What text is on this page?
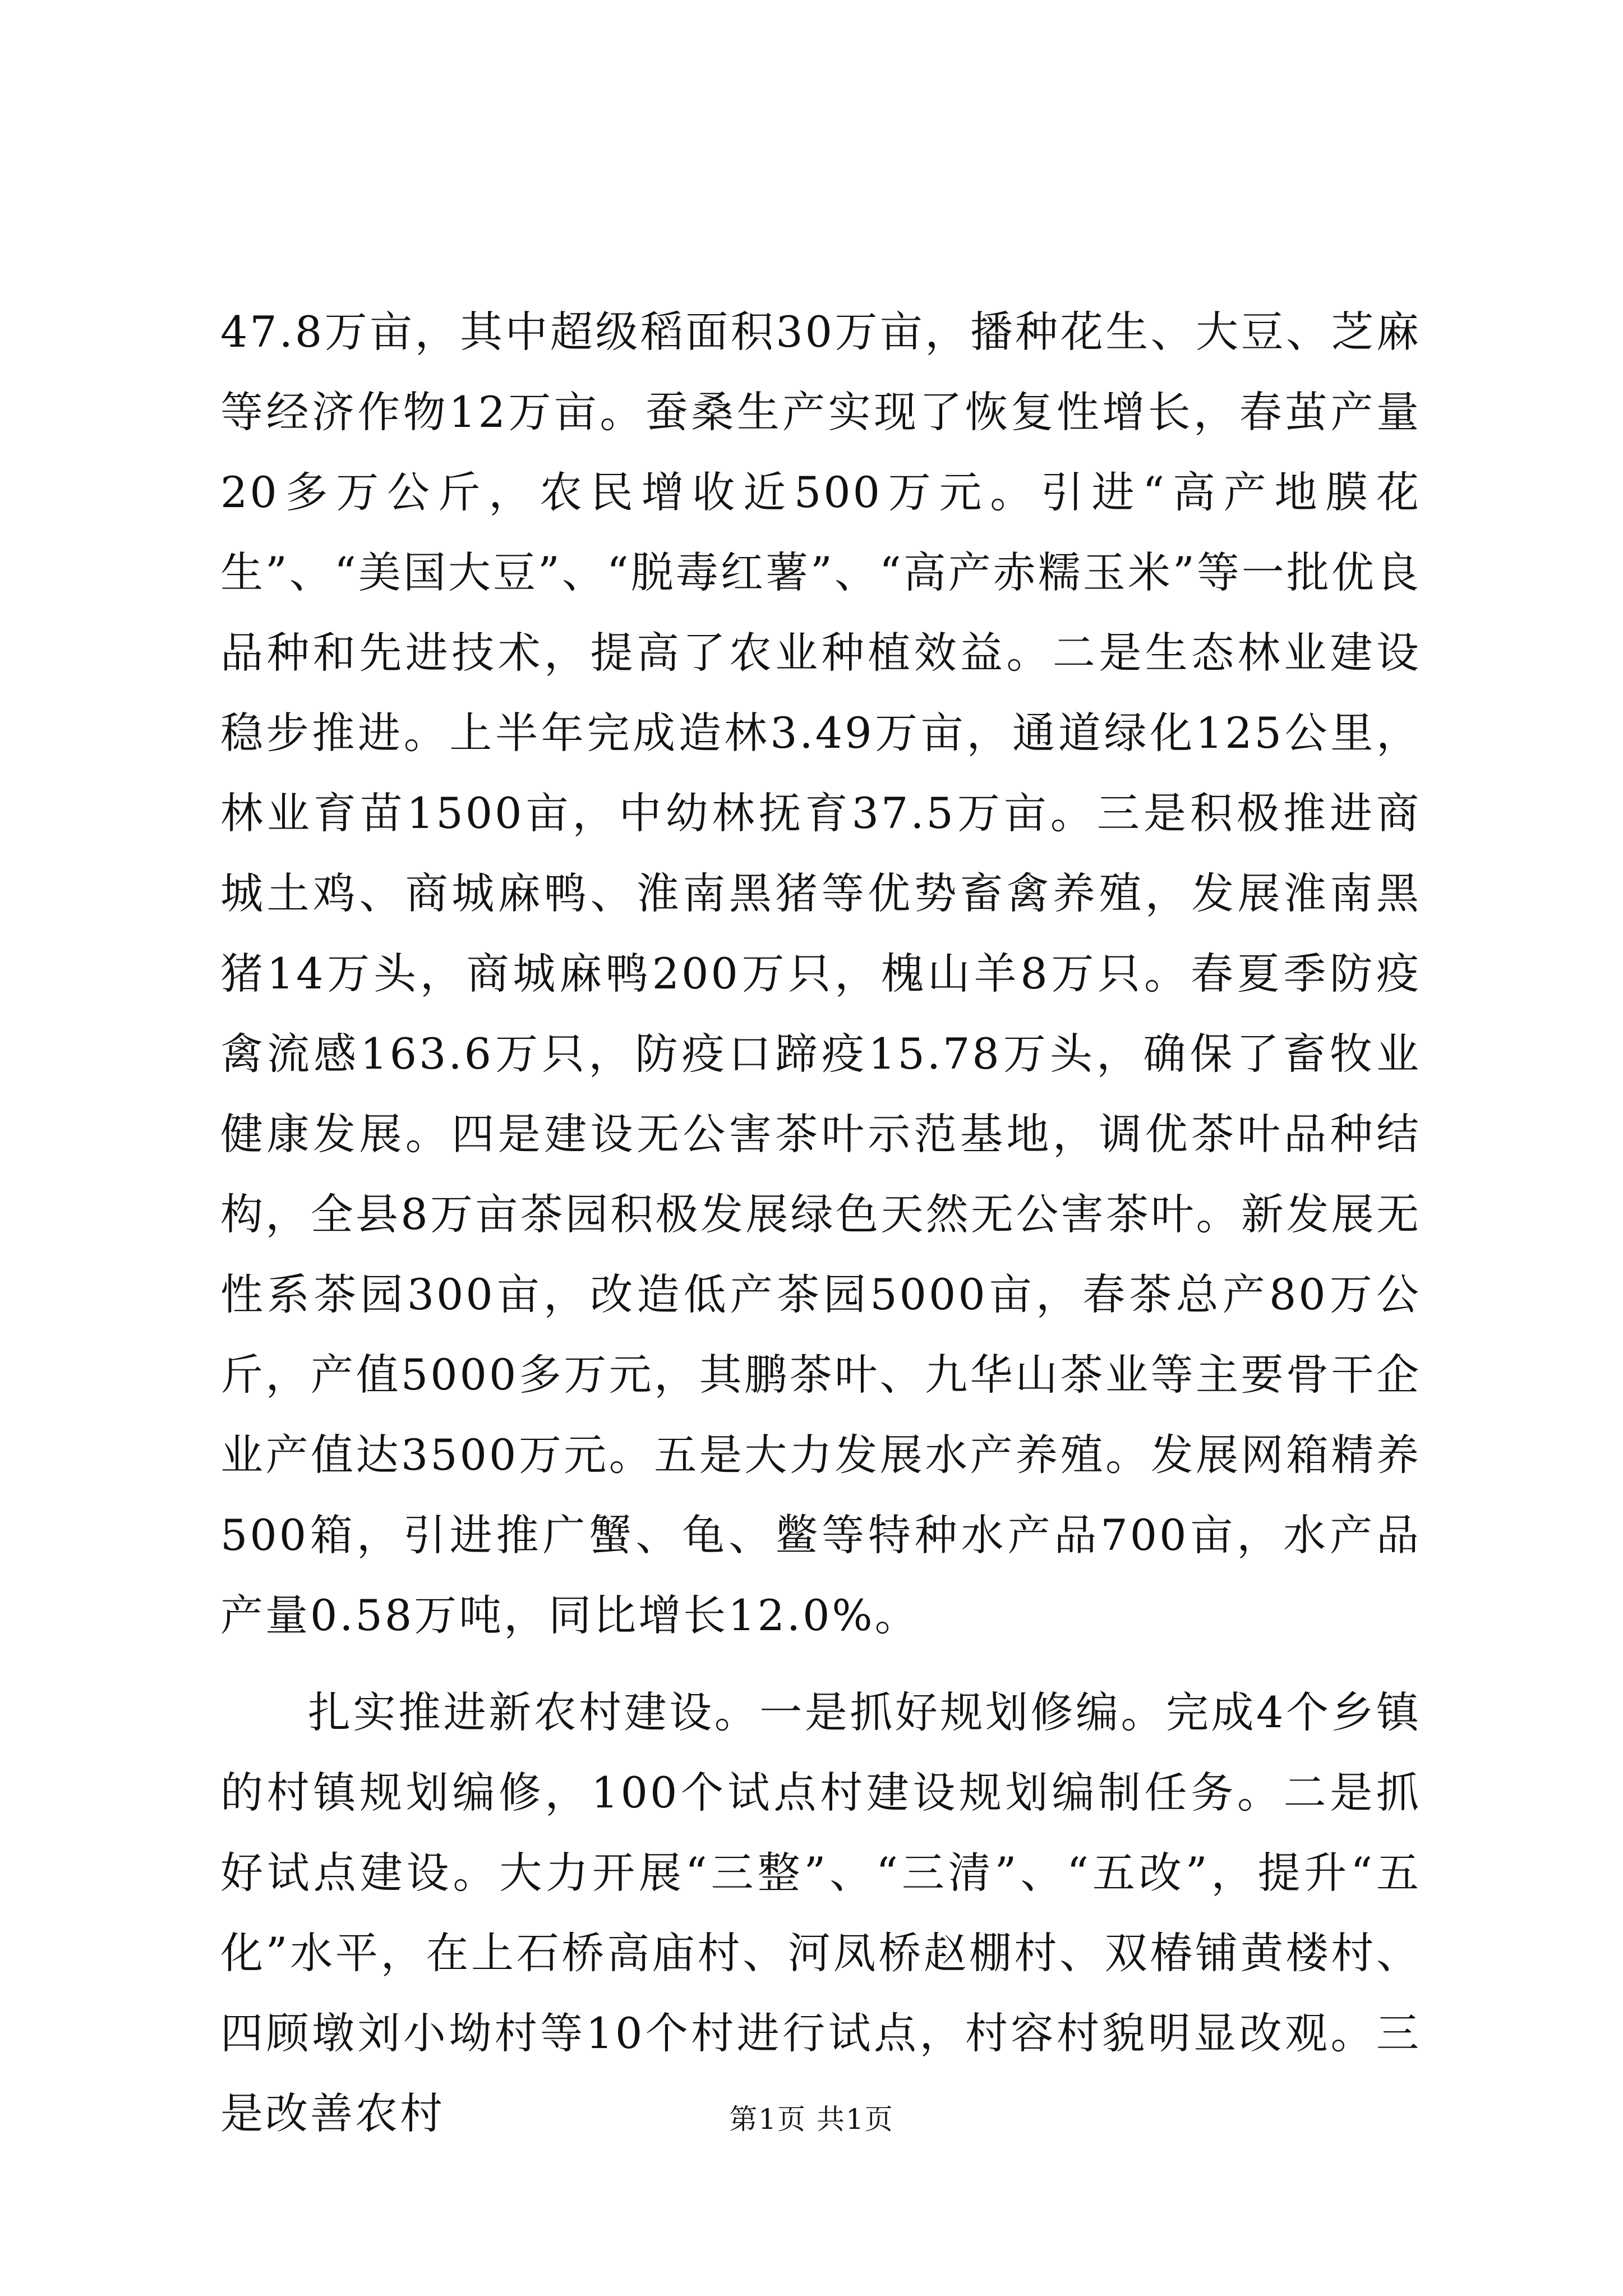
47.8万亩，其中超级稻面积30万亩，播种花生、大豆、芝麻等经济作物12万亩。蚕桑生产实现了恢复性增长，春茧产量20多万公斤，农民增收近500万元。引进“高产地膜花生”、“美国大豆”、“脱毒红薯”、“高产赤糯玉米”等一批优良品种和先进技术，提高了农业种植效益。二是生态林业建设稳步推进。上半年完成造林3.49万亩，通道绿化125公里，林业育苗1500亩，中幼林抚育37.5万亩。三是积极推进商城土鸡、商城麻鸭、淮南黑猪等优势畜禽养殖，发展淮南黑猪14万头，商城麻鸭200万只，槐山羊8万只。春夏季防疫禽流感163.6万只，防疫口蹄疫15.78万头，确保了畜牧业健康发展。四是建设无公害茶叶示范基地，调优茶叶品种结构，全县8万亩茶园积极发展绿色天然无公害茶叶。新发展无性系茶园300亩，改造低产茶园5000亩，春茶总产80万公斤，产值5000多万元，其鹏茶叶、九华山茶业等主要骨干企业产值达3500万元。五是大力发展水产养殖。发展网箱精养500箱，引进推广蟹、龟、鳖等特种水产品700亩，水产品产量0.58万吨，同比增长12.0%。

扎实推进新农村建设。一是抓好规划修编。完成4个乡镇的村镇规划编修，100个试点村建设规划编制任务。二是抓好试点建设。大力开展“三整”、“三清”、“五改”，提升“五化”水平，在上石桥高庙村、河凤桥赵棚村、双椿铺黄楼村、四顾墩刘小坳村等10个村进行试点，村容村貌明显改观。三是改善农村	第1页 共1页
